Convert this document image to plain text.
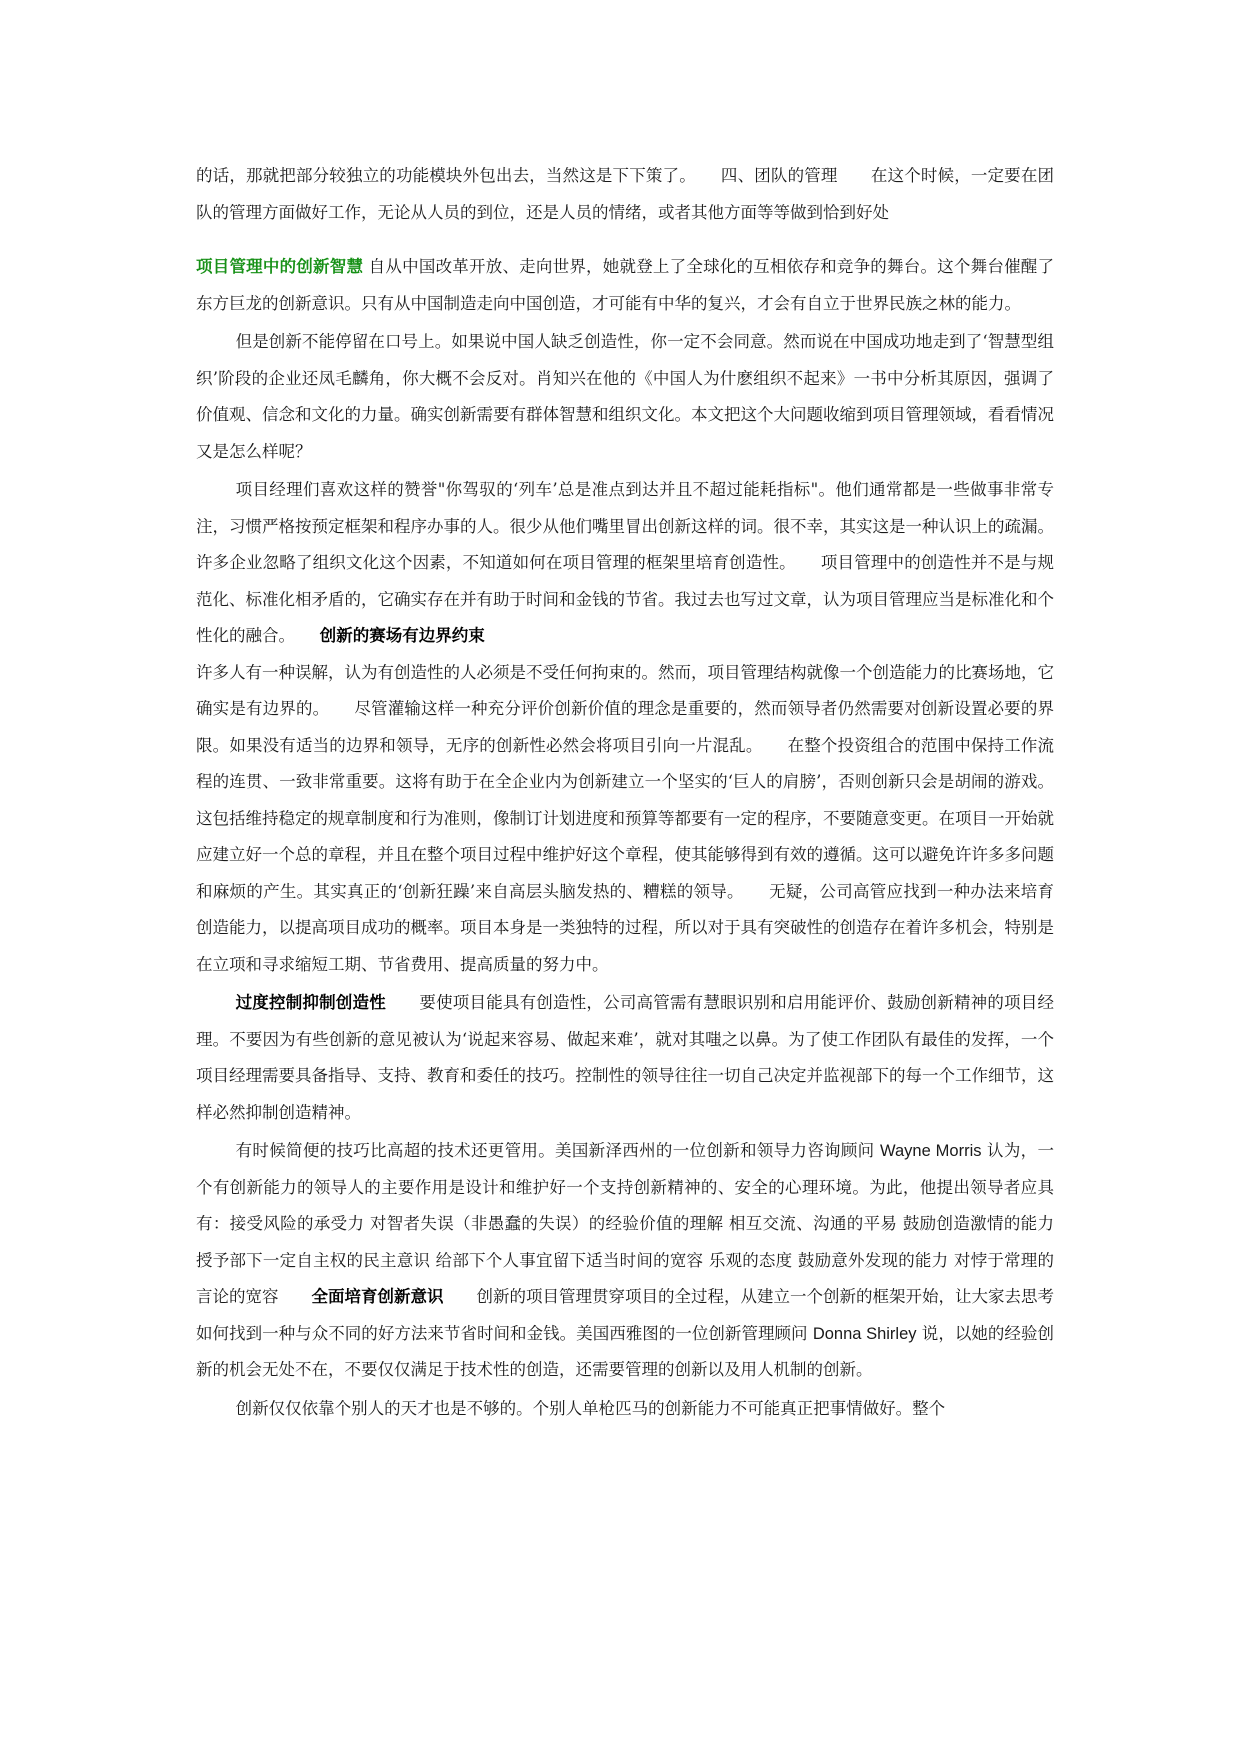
的话，那就把部分较独立的功能模块外包出去，当然这是下下策了。　　四、团队的管理　　在这个时候，一定要在团队的管理方面做好工作，无论从人员的到位，还是人员的情绪，或者其他方面等等做到恰到好处

项目管理中的创新智慧 自从中国改革开放、走向世界，她就登上了全球化的互相依存和竞争的舞台。这个舞台催醒了东方巨龙的创新意识。只有从中国制造走向中国创造，才可能有中华的复兴，才会有自立于世界民族之林的能力。

但是创新不能停留在口号上。如果说中国人缺乏创造性，你一定不会同意。然而说在中国成功地走到了‘智慧型组织’阶段的企业还凤毛麟角，你大概不会反对。肖知兴在他的《中国人为什麽组织不起来》一书中分析其原因，强调了价值观、信念和文化的力量。确实创新需要有群体智慧和组织文化。本文把这个大问题收缩到项目管理领域，看看情况又是怎么样呢？

项目经理们喜欢这样的赞誉"你驾驭的‘列车’总是准点到达并且不超过能耗指标"。他们通常都是一些做事非常专注，习惯严格按预定框架和程序办事的人。很少从他们嘴里冒出创新这样的词。很不幸，其实这是一种认识上的疏漏。许多企业忽略了组织文化这个因素，不知道如何在项目管理的框架里培育创造性。　　项目管理中的创造性并不是与规范化、标准化相矛盾的，它确实存在并有助于时间和金钱的节省。我过去也写过文章，认为项目管理应当是标准化和个性化的融合。　　创新的赛场有边界约束
许多人有一种误解，认为有创造性的人必须是不受任何拘束的。然而，项目管理结构就像一个创造能力的比赛场地，它确实是有边界的。　　尽管灌输这样一种充分评价创新价值的理念是重要的，然而领导者仍然需要对创新设置必要的界限。如果没有适当的边界和领导，无序的创新性必然会将项目引向一片混乱。　　在整个投资组合的范围中保持工作流程的连贯、一致非常重要。这将有助于在全企业内为创新建立一个坚实的‘巨人的肩膀’，否则创新只会是胡闹的游戏。这包括维持稳定的规章制度和行为准则，像制订计划进度和预算等都要有一定的程序，不要随意变更。在项目一开始就应建立好一个总的章程，并且在整个项目过程中维护好这个章程，使其能够得到有效的遵循。这可以避免许许多多问题和麻烦的产生。其实真正的‘创新狂躁’来自高层头脑发热的、糟糕的领导。　　无疑，公司高管应找到一种办法来培育创造能力，以提高项目成功的概率。项目本身是一类独特的过程，所以对于具有突破性的创造存在着许多机会，特别是在立项和寻求缩短工期、节省费用、提高质量的努力中。

过度控制抑制创造性　　要使项目能具有创造性，公司高管需有慧眼识别和启用能评价、鼓励创新精神的项目经理。不要因为有些创新的意见被认为‘说起来容易、做起来难’，就对其嗤之以鼻。为了使工作团队有最佳的发挥，一个项目经理需要具备指导、支持、教育和委任的技巧。控制性的领导往往一切自己决定并监视部下的每一个工作细节，这样必然抑制创造精神。

有时候简便的技巧比高超的技术还更管用。美国新泽西州的一位创新和领导力咨询顾问 Wayne Morris 认为，一个有创新能力的领导人的主要作用是设计和维护好一个支持创新精神的、安全的心理环境。为此，他提出领导者应具有：接受风险的承受力 对智者失误（非愚蠢的失误）的经验价值的理解 相互交流、沟通的平易 鼓励创造激情的能力 授予部下一定自主权的民主意识 给部下个人事宜留下适当时间的宽容 乐观的态度 鼓励意外发现的能力 对悖于常理的言论的宽容　　全面培育创新意识　　创新的项目管理贯穿项目的全过程，从建立一个创新的框架开始，让大家去思考如何找到一种与众不同的好方法来节省时间和金钱。美国西雅图的一位创新管理顾问 Donna Shirley 说，以她的经验创新的机会无处不在，不要仅仅满足于技术性的创造，还需要管理的创新以及用人机制的创新。

创新仅仅依靠个别人的天才也是不够的。个别人单枪匹马的创新能力不可能真正把事情做好。整个
